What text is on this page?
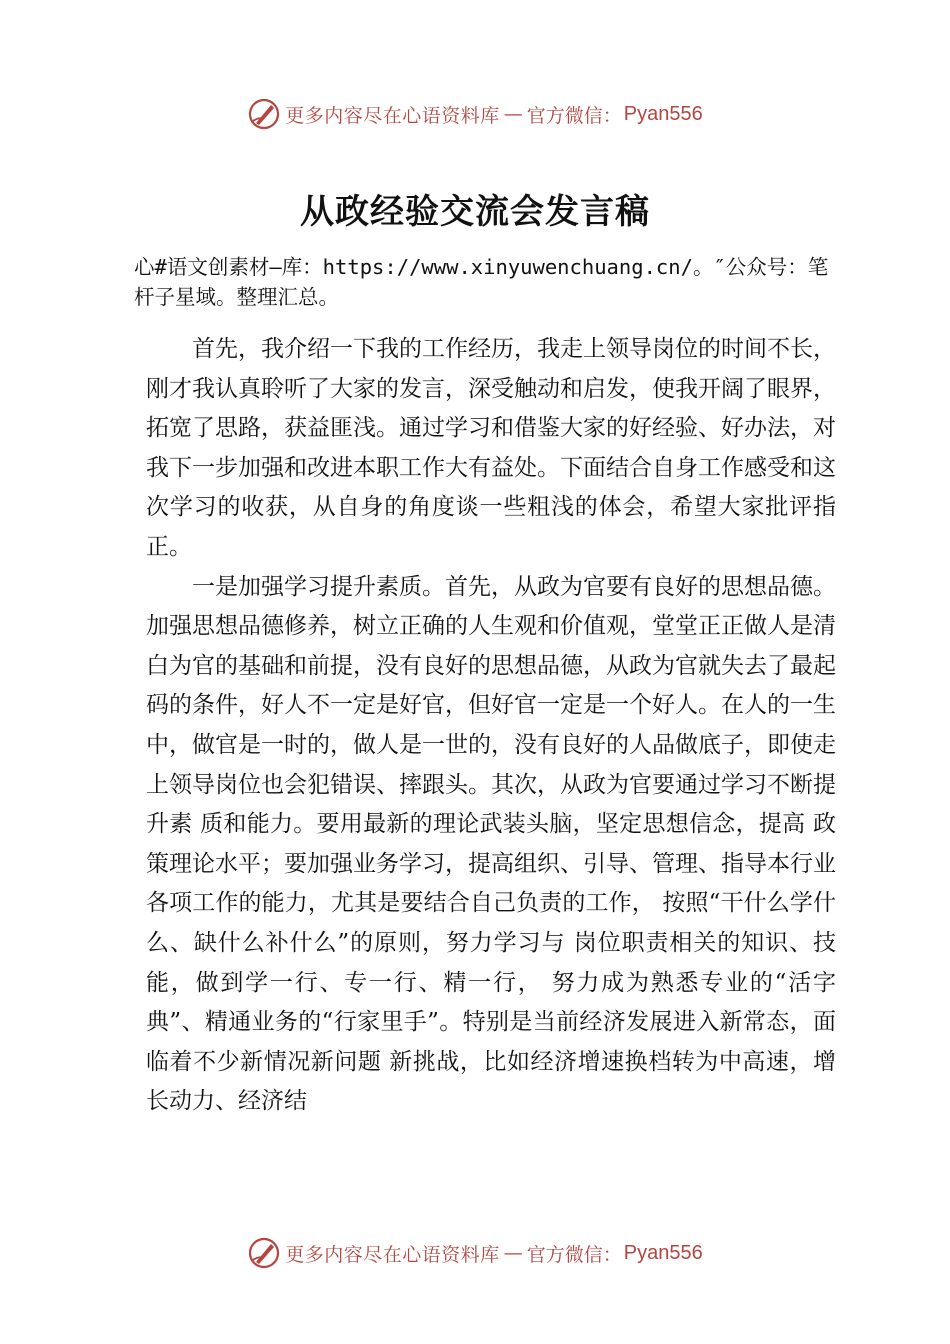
更多内容尽在心语资料库 — 官方微信： Pyan556
从政经验交流会发言稿
心#语文创素材—库：https://www.xinyuwenchuang.cn/。″公众号：笔杆子星域。整理汇总。

首先，我介绍一下我的工作经历，我走上领导岗位的时间不长，刚才我认真聆听了大家的发言，深受触动和启发，使我开阔了眼界，拓宽了思路，获益匪浅。通过学习和借鉴大家的好经验、好办法，对我下一步加强和改进本职工作大有益处。下面结合自身工作感受和这次学习的收获，从自身的角度谈一些粗浅的体会，希望大家批评指正。

一是加强学习提升素质。首先，从政为官要有良好的思想品德。加强思想品德修养，树立正确的人生观和价值观，堂堂正正做人是清白为官的基础和前提，没有良好的思想品德，从政为官就失去了最起码的条件，好人不一定是好官，但好官一定是一个好人。在人的一生中，做官是一时的，做人是一世的，没有良好的人品做底子，即使走上领导岗位也会犯错误、摔跟头。其次，从政为官要通过学习不断提升素 质和能力。要用最新的理论武装头脑，坚定思想信念，提高 政策理论水平；要加强业务学习，提高组织、引导、管理、指导本行业各项工作的能力，尤其是要结合自己负责的工作， 按照“干什么学什么、缺什么补什么”的原则，努力学习与 岗位职责相关的知识、技能，做到学一行、专一行、精一行， 努力成为熟悉专业的“活字典”、精通业务的“行家里手”。特别是当前经济发展进入新常态，面临着不少新情况新问题 新挑战，比如经济增速换档转为中高速，增长动力、经济结

更多内容尽在心语资料库 — 官方微信： Pyan556
